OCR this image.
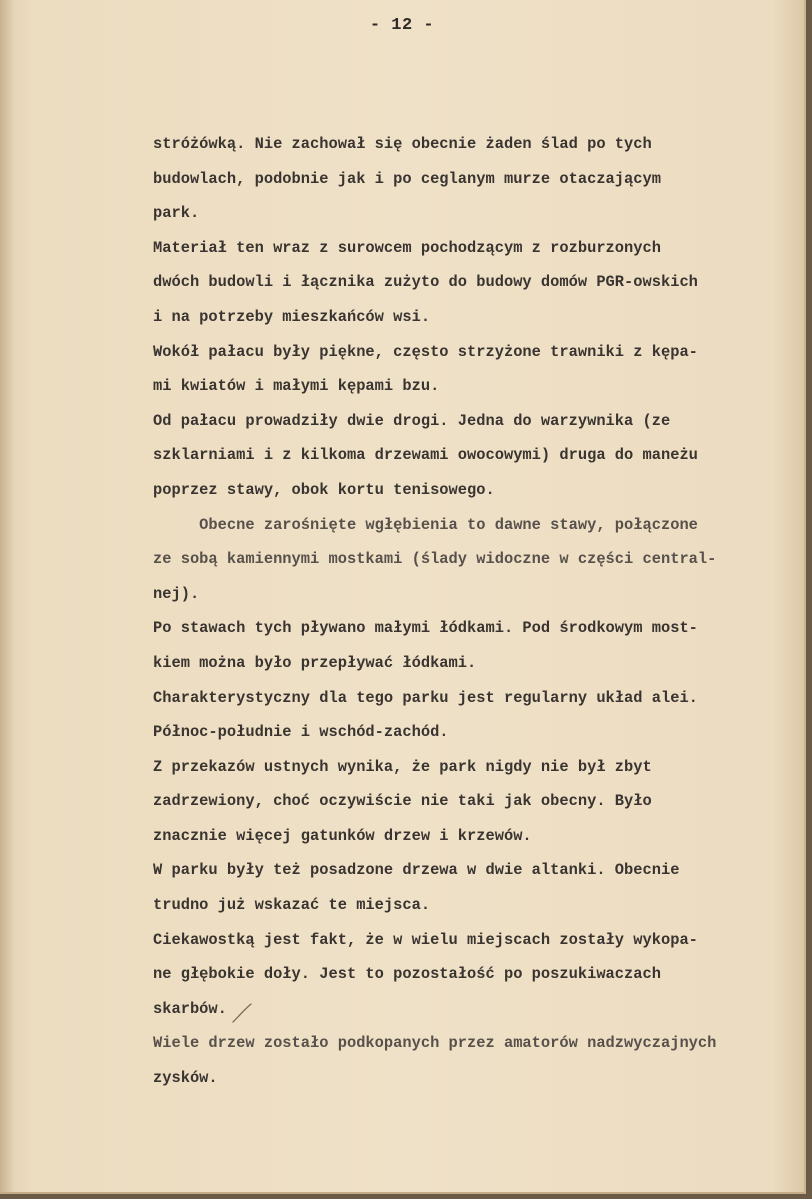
- 12 -
stróżówką. Nie zachował się obecnie żaden ślad po tych
budowlach, podobnie jak i po ceglanym murze otaczającym
park.
Materiał ten wraz z surowcem pochodzącym z rozburzonych
dwóch budowli i łącznika zużyto do budowy domów PGR-owskich
i na potrzeby mieszkańców wsi.
Wokół pałacu były piękne, często strzyżone trawniki z kępa-
mi kwiatów i małymi kępami bzu.
Od pałacu prowadziły dwie drogi. Jedna do warzywnika (ze
szklarniami i z kilkoma drzewami owocowymi) druga do maneżu
poprzez stawy, obok kortu tenisowego.
Obecne zarośnięte wgłębienia to dawne stawy, połączone
ze sobą kamiennymi mostkami (ślady widoczne w części central-
nej).
Po stawach tych pływano małymi łódkami. Pod środkowym most-
kiem można było przepływać łódkami.
Charakterystyczny dla tego parku jest regularny układ alei.
Północ-południe i wschód-zachód.
Z przekazów ustnych wynika, że park nigdy nie był zbyt
zadrzewiony, choć oczywiście nie taki jak obecny. Było
znacznie więcej gatunków drzew i krzewów.
W parku były też posadzone drzewa w dwie altanki. Obecnie
trudno już wskazać te miejsca.
Ciekawostką jest fakt, że w wielu miejscach zostały wykopa-
ne głębokie doły. Jest to pozostałość po poszukiwaczach
skarbów.
Wiele drzew zostało podkopanych przez amatorów nadzwyczajnych
zysków.
